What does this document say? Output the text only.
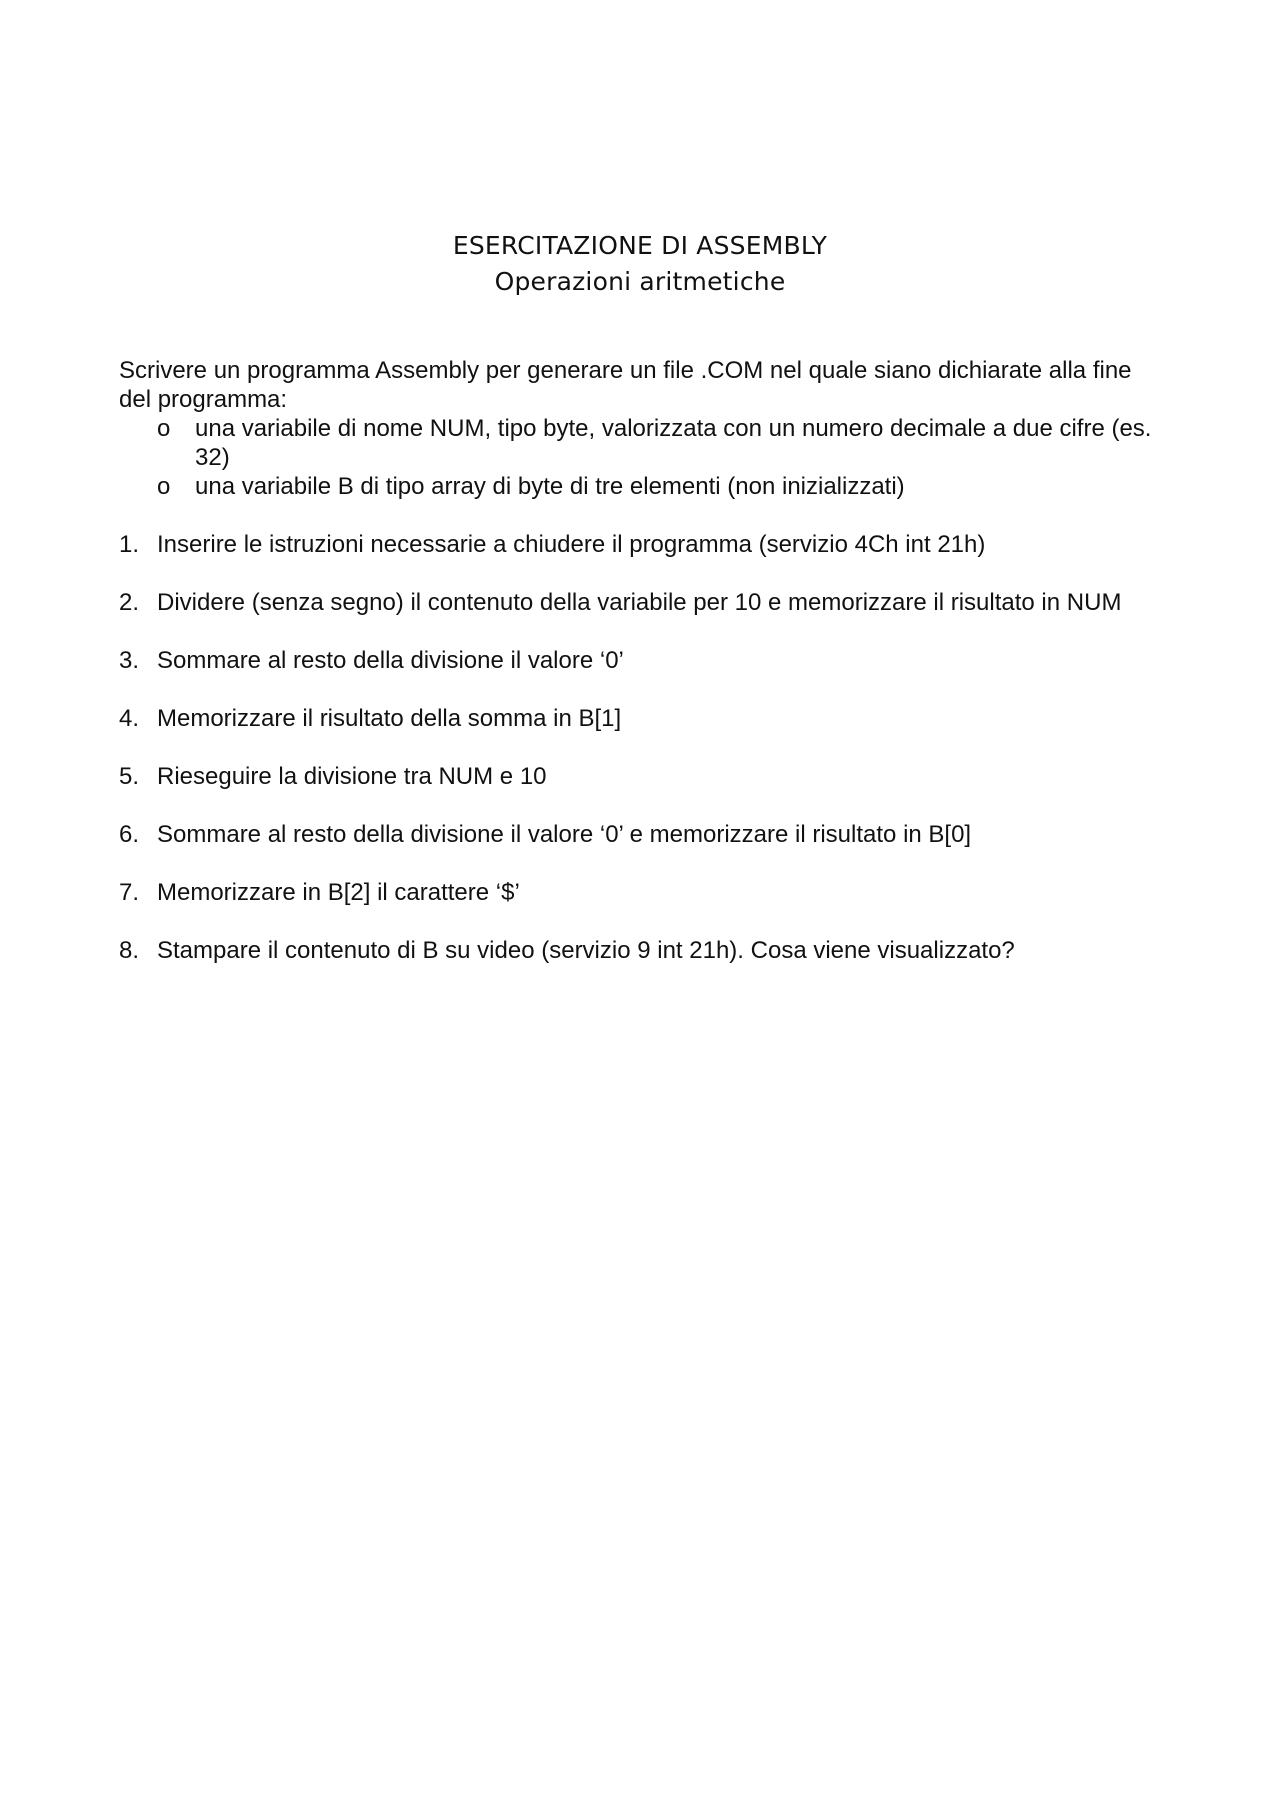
ESERCITAZIONE DI ASSEMBLY
Operazioni aritmetiche

Scrivere un programma Assembly per generare un file .COM nel quale siano dichiarate alla fine del programma:

o una variabile di nome NUM, tipo byte, valorizzata con un numero decimale a due cifre (es. 32)
o una variabile B di tipo array di byte di tre elementi (non inizializzati)
1. Inserire le istruzioni necessarie a chiudere il programma (servizio 4Ch int 21h)
2. Dividere (senza segno) il contenuto della variabile per 10 e memorizzare il risultato in NUM
3. Sommare al resto della divisione il valore ‘0’
4. Memorizzare il risultato della somma in B[1]
5. Rieseguire la divisione tra NUM e 10
6. Sommare al resto della divisione il valore ‘0’ e memorizzare il risultato in B[0]
7. Memorizzare in B[2] il carattere ‘$’
8. Stampare il contenuto di B su video (servizio 9 int 21h). Cosa viene visualizzato?
